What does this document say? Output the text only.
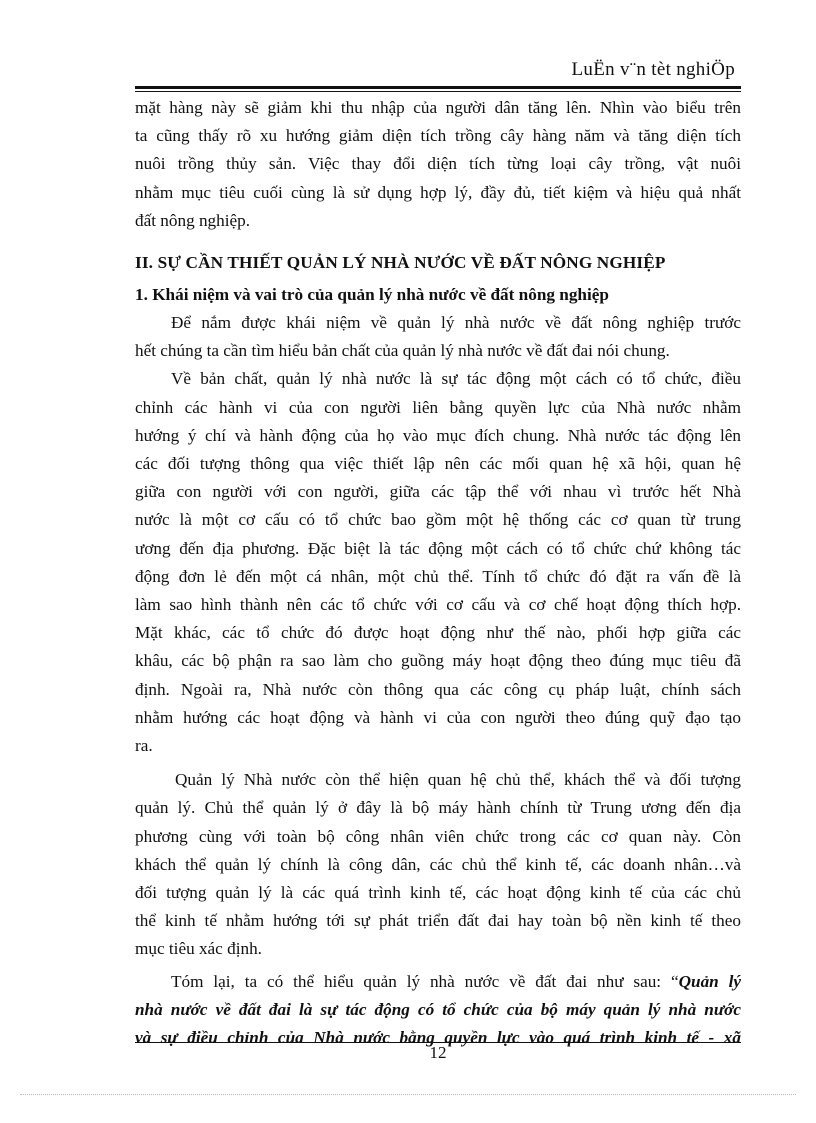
LuËn v¨n tèt nghiÖp
mặt hàng này sẽ giảm khi thu nhập của người dân tăng lên. Nhìn vào biểu trên
ta cũng thấy rõ xu hướng giảm diện tích trồng cây hàng năm và tăng diện tích
nuôi trồng thủy sản. Việc thay đổi diện tích từng loại cây trồng, vật nuôi
nhằm mục tiêu cuối cùng là sử dụng hợp lý, đầy đủ, tiết kiệm và hiệu quả nhất
đất nông nghiệp.
II. SỰ CẦN THIẾT QUẢN LÝ NHÀ NƯỚC VỀ ĐẤT NÔNG NGHIỆP
1. Khái niệm và vai trò của quản lý nhà nước về đất nông nghiệp
Để nắm được khái niệm về quản lý nhà nước về đất nông nghiệp trước
hết chúng ta cần tìm hiểu bản chất của quản lý nhà nước về đất đai nói chung.
Về bản chất, quản lý nhà nước là sự tác động một cách có tổ chức, điều
chỉnh các hành vi của con người liên bằng quyền lực của Nhà nước nhằm
hướng ý chí và hành động của họ vào mục đích chung. Nhà nước tác động lên
các đối tượng thông qua việc thiết lập nên các mối quan hệ xã hội, quan hệ
giữa con người với con người, giữa các tập thể với nhau vì trước hết Nhà
nước là một cơ cấu có tổ chức bao gồm một hệ thống các cơ quan từ trung
ương đến địa phương. Đặc biệt là tác động một cách có tổ chức chứ không tác
động đơn lẻ đến một cá nhân, một chủ thể. Tính tổ chức đó đặt ra vấn đề là
làm sao hình thành nên các tổ chức với cơ cấu và cơ chế hoạt động thích hợp.
Mặt khác, các tổ chức đó được hoạt động như thế nào, phối hợp giữa các
khâu, các bộ phận ra sao làm cho guồng máy hoạt động theo đúng mục tiêu đã
định. Ngoài ra, Nhà nước còn thông qua các công cụ pháp luật, chính sách
nhằm hướng các hoạt động và hành vi của con người theo đúng quỹ đạo tạo
ra.
Quản lý Nhà nước còn thể hiện quan hệ chủ thể, khách thể và đối tượng
quản lý. Chủ thể quản lý ở đây là bộ máy hành chính từ Trung ương đến địa
phương cùng với toàn bộ công nhân viên chức trong các cơ quan này. Còn
khách thể quản lý chính là công dân, các chủ thể kinh tế, các doanh nhân…và
đối tượng quản lý là các quá trình kinh tế, các hoạt động kinh tế của các chủ
thể kinh tế nhằm hướng tới sự phát triển đất đai hay toàn bộ nền kinh tế theo
mục tiêu xác định.
Tóm lại, ta có thể hiểu quản lý nhà nước về đất đai như sau: “Quản lý
nhà nước về đất đai là sự tác động có tổ chức của bộ máy quản lý nhà nước
và sự điều chỉnh của Nhà nước bằng quyền lực vào quá trình kinh tế - xã
12
